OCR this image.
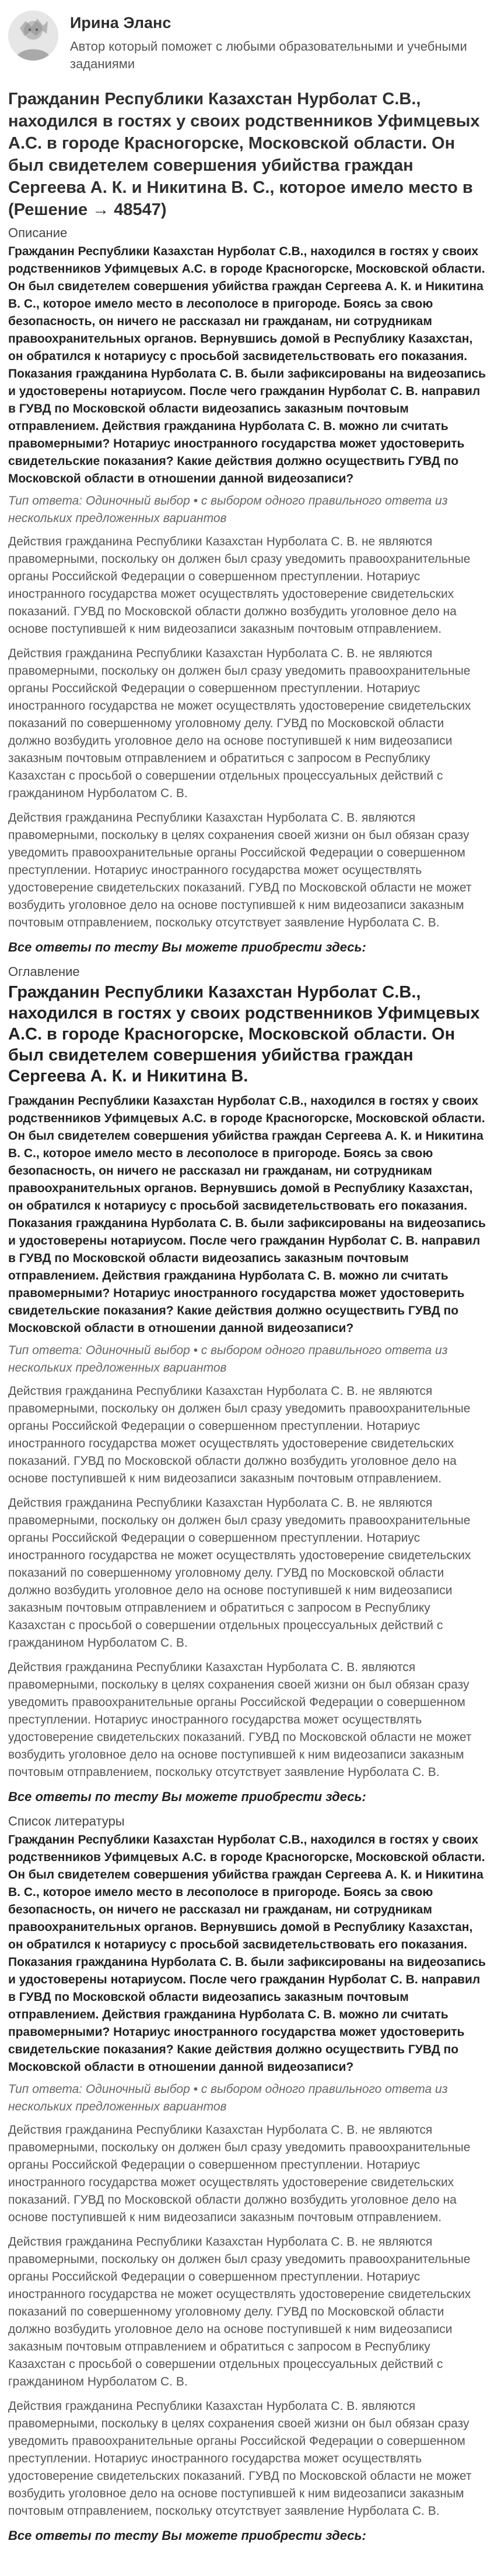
Ирина Эланс
Автор который поможет с любыми образовательными и учебными заданиями
Гражданин Республики Казахстан Нурболат С.В., находился в гостях у своих родственников Уфимцевых А.С. в городе Красногорске, Московской области. Он был свидетелем совершения убийства граждан Сергеева А. К. и Никитина В. С., которое имело место в (Решение → 48547)
Описание
Гражданин Республики Казахстан Нурболат С.В., находился в гостях у своих родственников Уфимцевых А.С. в городе Красногорске, Московской области. Он был свидетелем совершения убийства граждан Сергеева А. К. и Никитина В. С., которое имело место в лесополосе в пригороде. Боясь за свою безопасность, он ничего не рассказал ни гражданам, ни сотрудникам правоохранительных органов. Вернувшись домой в Республику Казахстан, он обратился к нотариусу с просьбой засвидетельствовать его показания. Показания гражданина Нурболата С. В. были зафиксированы на видеозапись и удостоверены нотариусом. После чего гражданин Нурболат С. В. направил в ГУВД по Московской области видеозапись заказным почтовым отправлением. Действия гражданина Нурболата С. В. можно ли считать правомерными? Нотариус иностранного государства может удостоверить свидетельские показания? Какие действия должно осуществить ГУВД по Московской области в отношении данной видеозаписи?
Тип ответа: Одиночный выбор • с выбором одного правильного ответа из нескольких предложенных вариантов
Действия гражданина Республики Казахстан Нурболата С. В. не являются правомерными, поскольку он должен был сразу уведомить правоохранительные органы Российской Федерации о совершенном преступлении. Нотариус иностранного государства может осуществлять удостоверение свидетельских показаний. ГУВД по Московской области должно возбудить уголовное дело на основе поступившей к ним видеозаписи заказным почтовым отправлением.
Действия гражданина Республики Казахстан Нурболата С. В. не являются правомерными, поскольку он должен был сразу уведомить правоохранительные органы Российской Федерации о совершенном преступлении. Нотариус иностранного государства не может осуществлять удостоверение свидетельских показаний по совершенному уголовному делу. ГУВД по Московской области должно возбудить уголовное дело на основе поступившей к ним видеозаписи заказным почтовым отправлением и обратиться с запросом в Республику Казахстан с просьбой о совершении отдельных процессуальных действий с гражданином Нурболатом С. В.
Действия гражданина Республики Казахстан Нурболата С. В. являются правомерными, поскольку в целях сохранения своей жизни он был обязан сразу уведомить правоохранительные органы Российской Федерации о совершенном преступлении. Нотариус иностранного государства может осуществлять удостоверение свидетельских показаний. ГУВД по Московской области не может возбудить уголовное дело на основе поступившей к ним видеозаписи заказным почтовым отправлением, поскольку отсутствует заявление Нурболата С. В.
Все ответы по тесту Вы можете приобрести здесь:
Оглавление
Гражданин Республики Казахстан Нурболат С.В., находился в гостях у своих родственников Уфимцевых А.С. в городе Красногорске, Московской области. Он был свидетелем совершения убийства граждан Сергеева А. К. и Никитина В.
Гражданин Республики Казахстан Нурболат С.В., находился в гостях у своих родственников Уфимцевых А.С. в городе Красногорске, Московской области. Он был свидетелем совершения убийства граждан Сергеева А. К. и Никитина В. С., которое имело место в лесополосе в пригороде. Боясь за свою безопасность, он ничего не рассказал ни гражданам, ни сотрудникам правоохранительных органов. Вернувшись домой в Республику Казахстан, он обратился к нотариусу с просьбой засвидетельствовать его показания. Показания гражданина Нурболата С. В. были зафиксированы на видеозапись и удостоверены нотариусом. После чего гражданин Нурболат С. В. направил в ГУВД по Московской области видеозапись заказным почтовым отправлением. Действия гражданина Нурболата С. В. можно ли считать правомерными? Нотариус иностранного государства может удостоверить свидетельские показания? Какие действия должно осуществить ГУВД по Московской области в отношении данной видеозаписи?
Тип ответа: Одиночный выбор • с выбором одного правильного ответа из нескольких предложенных вариантов
Действия гражданина Республики Казахстан Нурболата С. В. не являются правомерными, поскольку он должен был сразу уведомить правоохранительные органы Российской Федерации о совершенном преступлении. Нотариус иностранного государства может осуществлять удостоверение свидетельских показаний. ГУВД по Московской области должно возбудить уголовное дело на основе поступившей к ним видеозаписи заказным почтовым отправлением.
Действия гражданина Республики Казахстан Нурболата С. В. не являются правомерными, поскольку он должен был сразу уведомить правоохранительные органы Российской Федерации о совершенном преступлении. Нотариус иностранного государства не может осуществлять удостоверение свидетельских показаний по совершенному уголовному делу. ГУВД по Московской области должно возбудить уголовное дело на основе поступившей к ним видеозаписи заказным почтовым отправлением и обратиться с запросом в Республику Казахстан с просьбой о совершении отдельных процессуальных действий с гражданином Нурболатом С. В.
Действия гражданина Республики Казахстан Нурболата С. В. являются правомерными, поскольку в целях сохранения своей жизни он был обязан сразу уведомить правоохранительные органы Российской Федерации о совершенном преступлении. Нотариус иностранного государства может осуществлять удостоверение свидетельских показаний. ГУВД по Московской области не может возбудить уголовное дело на основе поступившей к ним видеозаписи заказным почтовым отправлением, поскольку отсутствует заявление Нурболата С. В.
Все ответы по тесту Вы можете приобрести здесь:
Список литературы
Гражданин Республики Казахстан Нурболат С.В., находился в гостях у своих родственников Уфимцевых А.С. в городе Красногорске, Московской области. Он был свидетелем совершения убийства граждан Сергеева А. К. и Никитина В. С., которое имело место в лесополосе в пригороде. Боясь за свою безопасность, он ничего не рассказал ни гражданам, ни сотрудникам правоохранительных органов. Вернувшись домой в Республику Казахстан, он обратился к нотариусу с просьбой засвидетельствовать его показания. Показания гражданина Нурболата С. В. были зафиксированы на видеозапись и удостоверены нотариусом. После чего гражданин Нурболат С. В. направил в ГУВД по Московской области видеозапись заказным почтовым отправлением. Действия гражданина Нурболата С. В. можно ли считать правомерными? Нотариус иностранного государства может удостоверить свидетельские показания? Какие действия должно осуществить ГУВД по Московской области в отношении данной видеозаписи?
Тип ответа: Одиночный выбор • с выбором одного правильного ответа из нескольких предложенных вариантов
Действия гражданина Республики Казахстан Нурболата С. В. не являются правомерными, поскольку он должен был сразу уведомить правоохранительные органы Российской Федерации о совершенном преступлении. Нотариус иностранного государства может осуществлять удостоверение свидетельских показаний. ГУВД по Московской области должно возбудить уголовное дело на основе поступившей к ним видеозаписи заказным почтовым отправлением.
Действия гражданина Республики Казахстан Нурболата С. В. не являются правомерными, поскольку он должен был сразу уведомить правоохранительные органы Российской Федерации о совершенном преступлении. Нотариус иностранного государства не может осуществлять удостоверение свидетельских показаний по совершенному уголовному делу. ГУВД по Московской области должно возбудить уголовное дело на основе поступившей к ним видеозаписи заказным почтовым отправлением и обратиться с запросом в Республику Казахстан с просьбой о совершении отдельных процессуальных действий с гражданином Нурболатом С. В.
Действия гражданина Республики Казахстан Нурболата С. В. являются правомерными, поскольку в целях сохранения своей жизни он был обязан сразу уведомить правоохранительные органы Российской Федерации о совершенном преступлении. Нотариус иностранного государства может осуществлять удостоверение свидетельских показаний. ГУВД по Московской области не может возбудить уголовное дело на основе поступившей к ним видеозаписи заказным почтовым отправлением, поскольку отсутствует заявление Нурболата С. В.
Все ответы по тесту Вы можете приобрести здесь:
